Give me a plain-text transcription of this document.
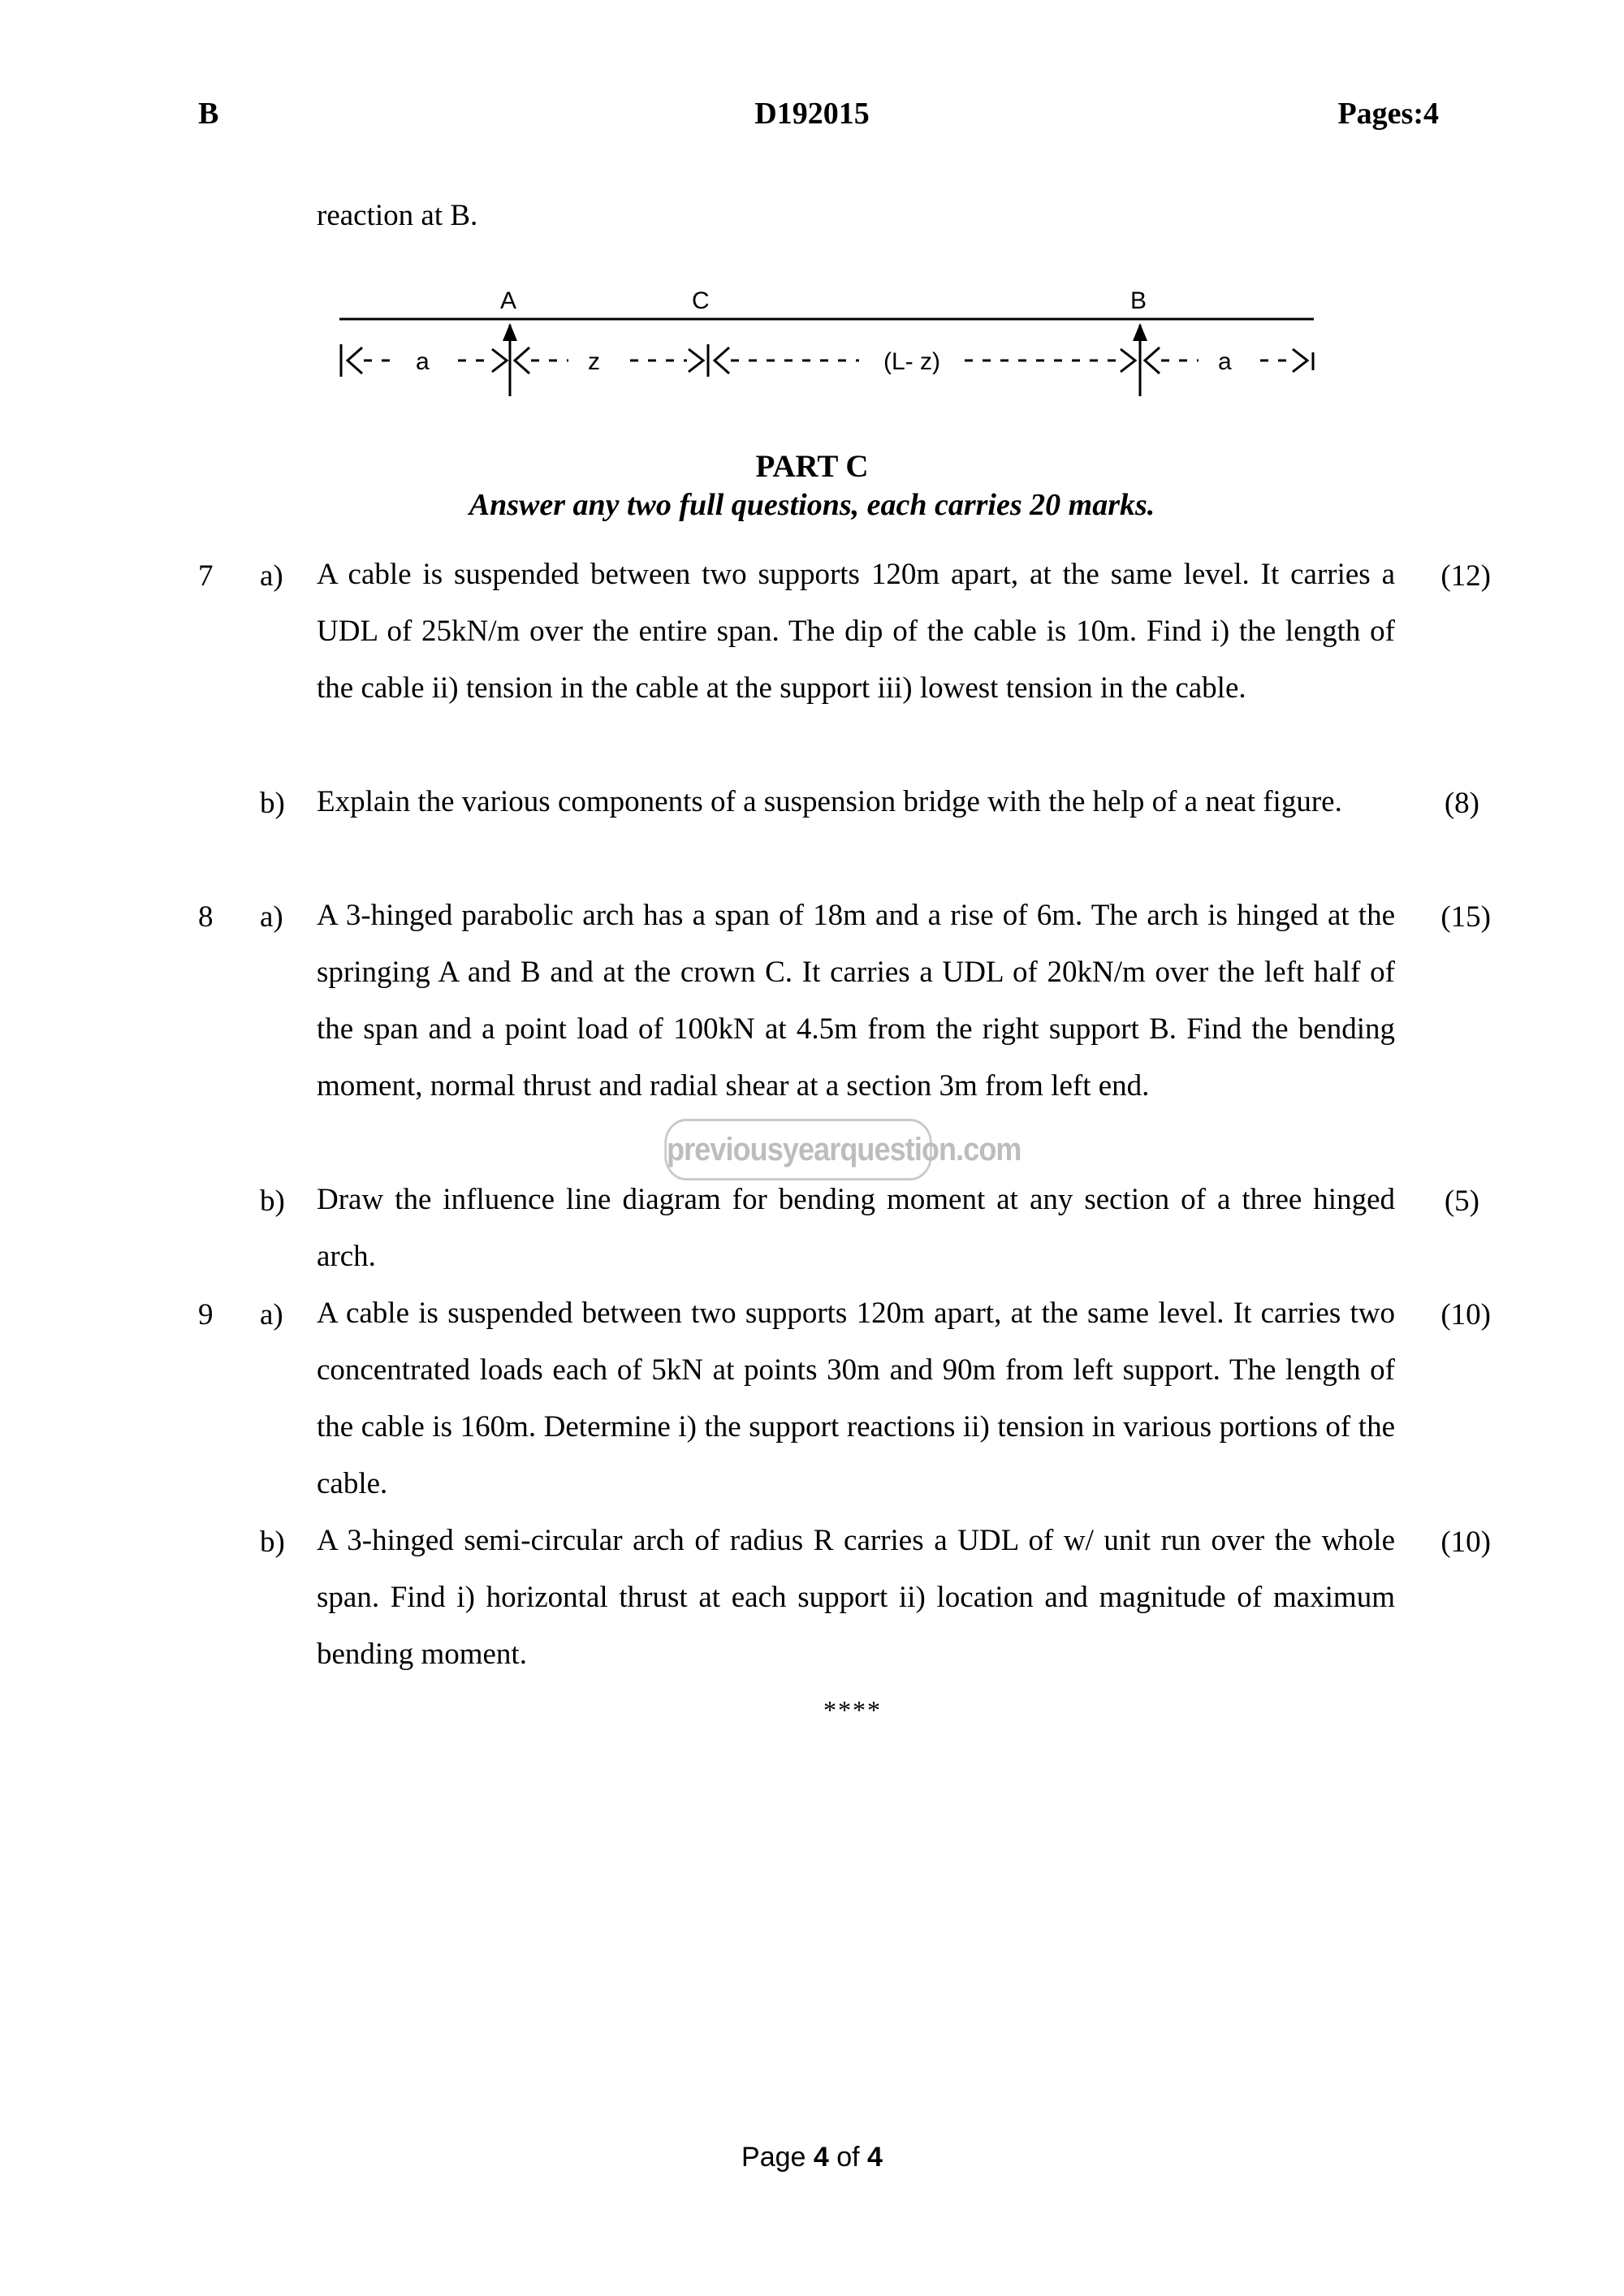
B	D192015	Pages:4
reaction at B.
A	C	B
a	z	(L- z)	a
PART C
Answer any two full questions, each carries 20 marks.
7 a) A cable is suspended between two supports 120m apart, at the same level. It carries a UDL of 25kN/m over the entire span. The dip of the cable is 10m. Find i) the length of the cable ii) tension in the cable at the support iii) lowest tension in the cable.
(12)
b) Explain the various components of a suspension bridge with the help of a neat figure.	(8)
8 a) A 3-hinged parabolic arch has a span of 18m and a rise of 6m. The arch is hinged at the springing A and B and at the crown C. It carries a UDL of 20kN/m over the left half of the span and a point load of 100kN at 4.5m from the right support B. Find the bending moment, normal thrust and radial shear at a section 3m from left end.
(15)
b) Draw the influence line diagram for bending moment at any section of a three hinged arch.
(5)
9 a) A cable is suspended between two supports 120m apart, at the same level. It carries two concentrated loads each of 5kN at points 30m and 90m from left support. The length of the cable is 160m. Determine i) the support reactions ii) tension in various portions of the cable.
(10)
b) A 3-hinged semi-circular arch of radius R carries a UDL of w/ unit run over the whole span. Find i) horizontal thrust at each support ii) location and magnitude of maximum bending moment.
(10)
****
previousyearquestion.com
Page 4 of 4
